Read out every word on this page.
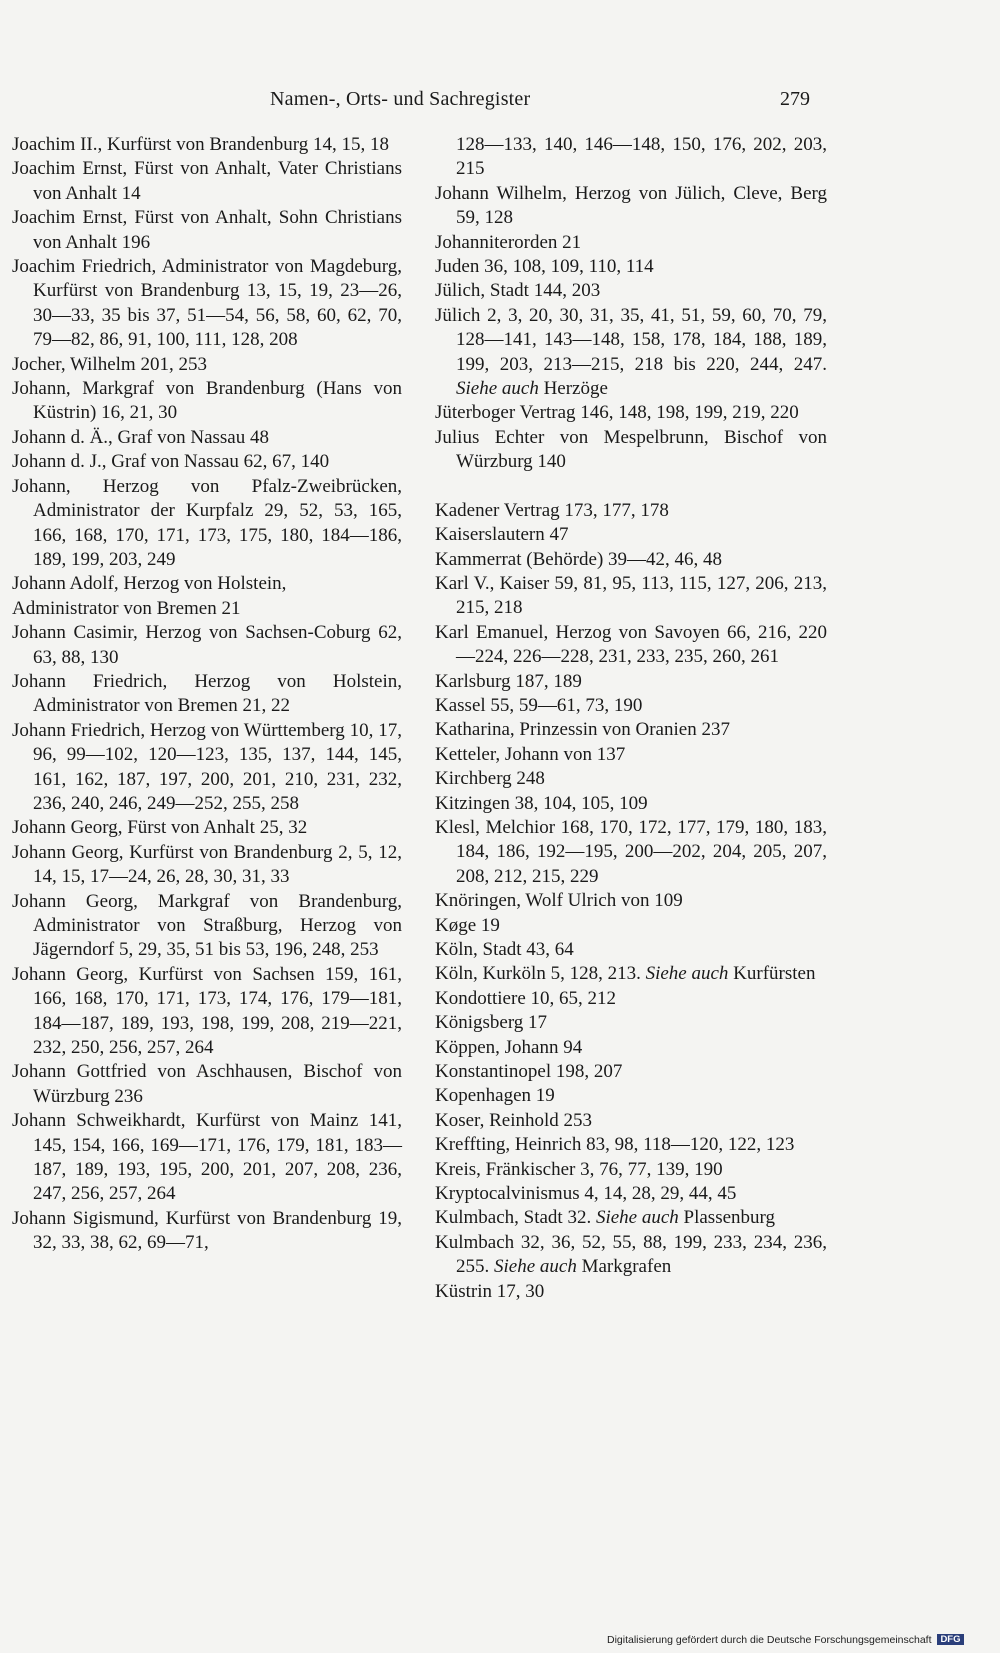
Namen-, Orts- und Sachregister	279
Joachim II., Kurfürst von Brandenburg 14, 15, 18
Joachim Ernst, Fürst von Anhalt, Vater Christians von Anhalt 14
Joachim Ernst, Fürst von Anhalt, Sohn Christians von Anhalt 196
Joachim Friedrich, Administrator von Magdeburg, Kurfürst von Brandenburg 13, 15, 19, 23—26, 30—33, 35 bis 37, 51—54, 56, 58, 60, 62, 70, 79—82, 86, 91, 100, 111, 128, 208
Jocher, Wilhelm 201, 253
Johann, Markgraf von Brandenburg (Hans von Küstrin) 16, 21, 30
Johann d. Ä., Graf von Nassau 48
Johann d. J., Graf von Nassau 62, 67, 140
Johann, Herzog von Pfalz-Zweibrücken, Administrator der Kurpfalz 29, 52, 53, 165, 166, 168, 170, 171, 173, 175, 180, 184—186, 189, 199, 203, 249
Johann Adolf, Herzog von Holstein,
Administrator von Bremen 21
Johann Casimir, Herzog von Sachsen-Coburg 62, 63, 88, 130
Johann Friedrich, Herzog von Holstein, Administrator von Bremen 21, 22
Johann Friedrich, Herzog von Württemberg 10, 17, 96, 99—102, 120—123, 135, 137, 144, 145, 161, 162, 187, 197, 200, 201, 210, 231, 232, 236, 240, 246, 249—252, 255, 258
Johann Georg, Fürst von Anhalt 25, 32
Johann Georg, Kurfürst von Brandenburg 2, 5, 12, 14, 15, 17—24, 26, 28, 30, 31, 33
Johann Georg, Markgraf von Brandenburg, Administrator von Straßburg, Herzog von Jägerndorf 5, 29, 35, 51 bis 53, 196, 248, 253
Johann Georg, Kurfürst von Sachsen 159, 161, 166, 168, 170, 171, 173, 174, 176, 179—181, 184—187, 189, 193, 198, 199, 208, 219—221, 232, 250, 256, 257, 264
Johann Gottfried von Aschhausen, Bischof von Würzburg 236
Johann Schweikhardt, Kurfürst von Mainz 141, 145, 154, 166, 169—171, 176, 179, 181, 183—187, 189, 193, 195, 200, 201, 207, 208, 236, 247, 256, 257, 264
Johann Sigismund, Kurfürst von Brandenburg 19, 32, 33, 38, 62, 69—71,
128—133, 140, 146—148, 150, 176, 202, 203, 215
Johann Wilhelm, Herzog von Jülich, Cleve, Berg 59, 128
Johanniterorden 21
Juden 36, 108, 109, 110, 114
Jülich, Stadt 144, 203
Jülich 2, 3, 20, 30, 31, 35, 41, 51, 59, 60, 70, 79, 128—141, 143—148, 158, 178, 184, 188, 189, 199, 203, 213—215, 218 bis 220, 244, 247. Siehe auch Herzöge
Jüterboger Vertrag 146, 148, 198, 199, 219, 220
Julius Echter von Mespelbrunn, Bischof von Würzburg 140
Kadener Vertrag 173, 177, 178
Kaiserslautern 47
Kammerrat (Behörde) 39—42, 46, 48
Karl V., Kaiser 59, 81, 95, 113, 115, 127, 206, 213, 215, 218
Karl Emanuel, Herzog von Savoyen 66, 216, 220—224, 226—228, 231, 233, 235, 260, 261
Karlsburg 187, 189
Kassel 55, 59—61, 73, 190
Katharina, Prinzessin von Oranien 237
Ketteler, Johann von 137
Kirchberg 248
Kitzingen 38, 104, 105, 109
Klesl, Melchior 168, 170, 172, 177, 179, 180, 183, 184, 186, 192—195, 200—202, 204, 205, 207, 208, 212, 215, 229
Knöringen, Wolf Ulrich von 109
Køge 19
Köln, Stadt 43, 64
Köln, Kurköln 5, 128, 213. Siehe auch Kurfürsten
Kondottiere 10, 65, 212
Königsberg 17
Köppen, Johann 94
Konstantinopel 198, 207
Kopenhagen 19
Koser, Reinhold 253
Kreffting, Heinrich 83, 98, 118—120, 122, 123
Kreis, Fränkischer 3, 76, 77, 139, 190
Kryptocalvinismus 4, 14, 28, 29, 44, 45
Kulmbach, Stadt 32. Siehe auch Plassenburg
Kulmbach 32, 36, 52, 55, 88, 199, 233, 234, 236, 255. Siehe auch Markgrafen
Küstrin 17, 30
Digitalisierung gefördert durch die Deutsche Forschungsgemeinschaft DFG
